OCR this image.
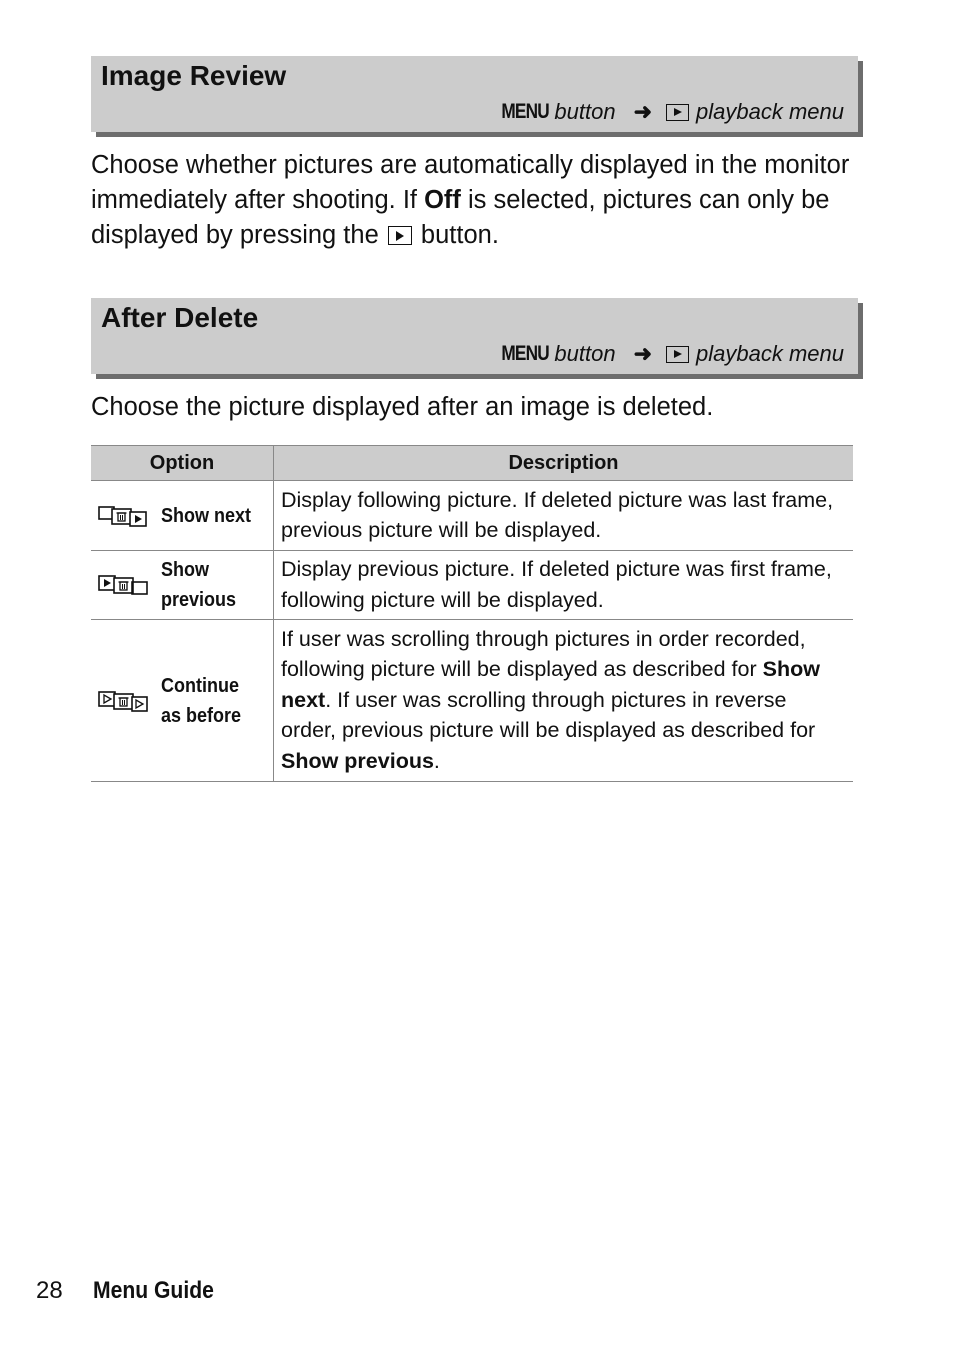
Image Review
MENU button ➜ playback menu
Choose whether pictures are automatically displayed in the monitor immediately after shooting. If Off is selected, pictures can only be displayed by pressing the  button.
After Delete
MENU button ➜ playback menu
Choose the picture displayed after an image is deleted.
Option	Description

Show next	Display following picture. If deleted picture was last frame, previous picture will be displayed.

Show previous	Display previous picture. If deleted picture was first frame, following picture will be displayed.

Continue as before	If user was scrolling through pictures in order recorded, following picture will be displayed as described for Show next. If user was scrolling through pictures in reverse order, previous picture will be displayed as described for Show previous.
28 Menu Guide
